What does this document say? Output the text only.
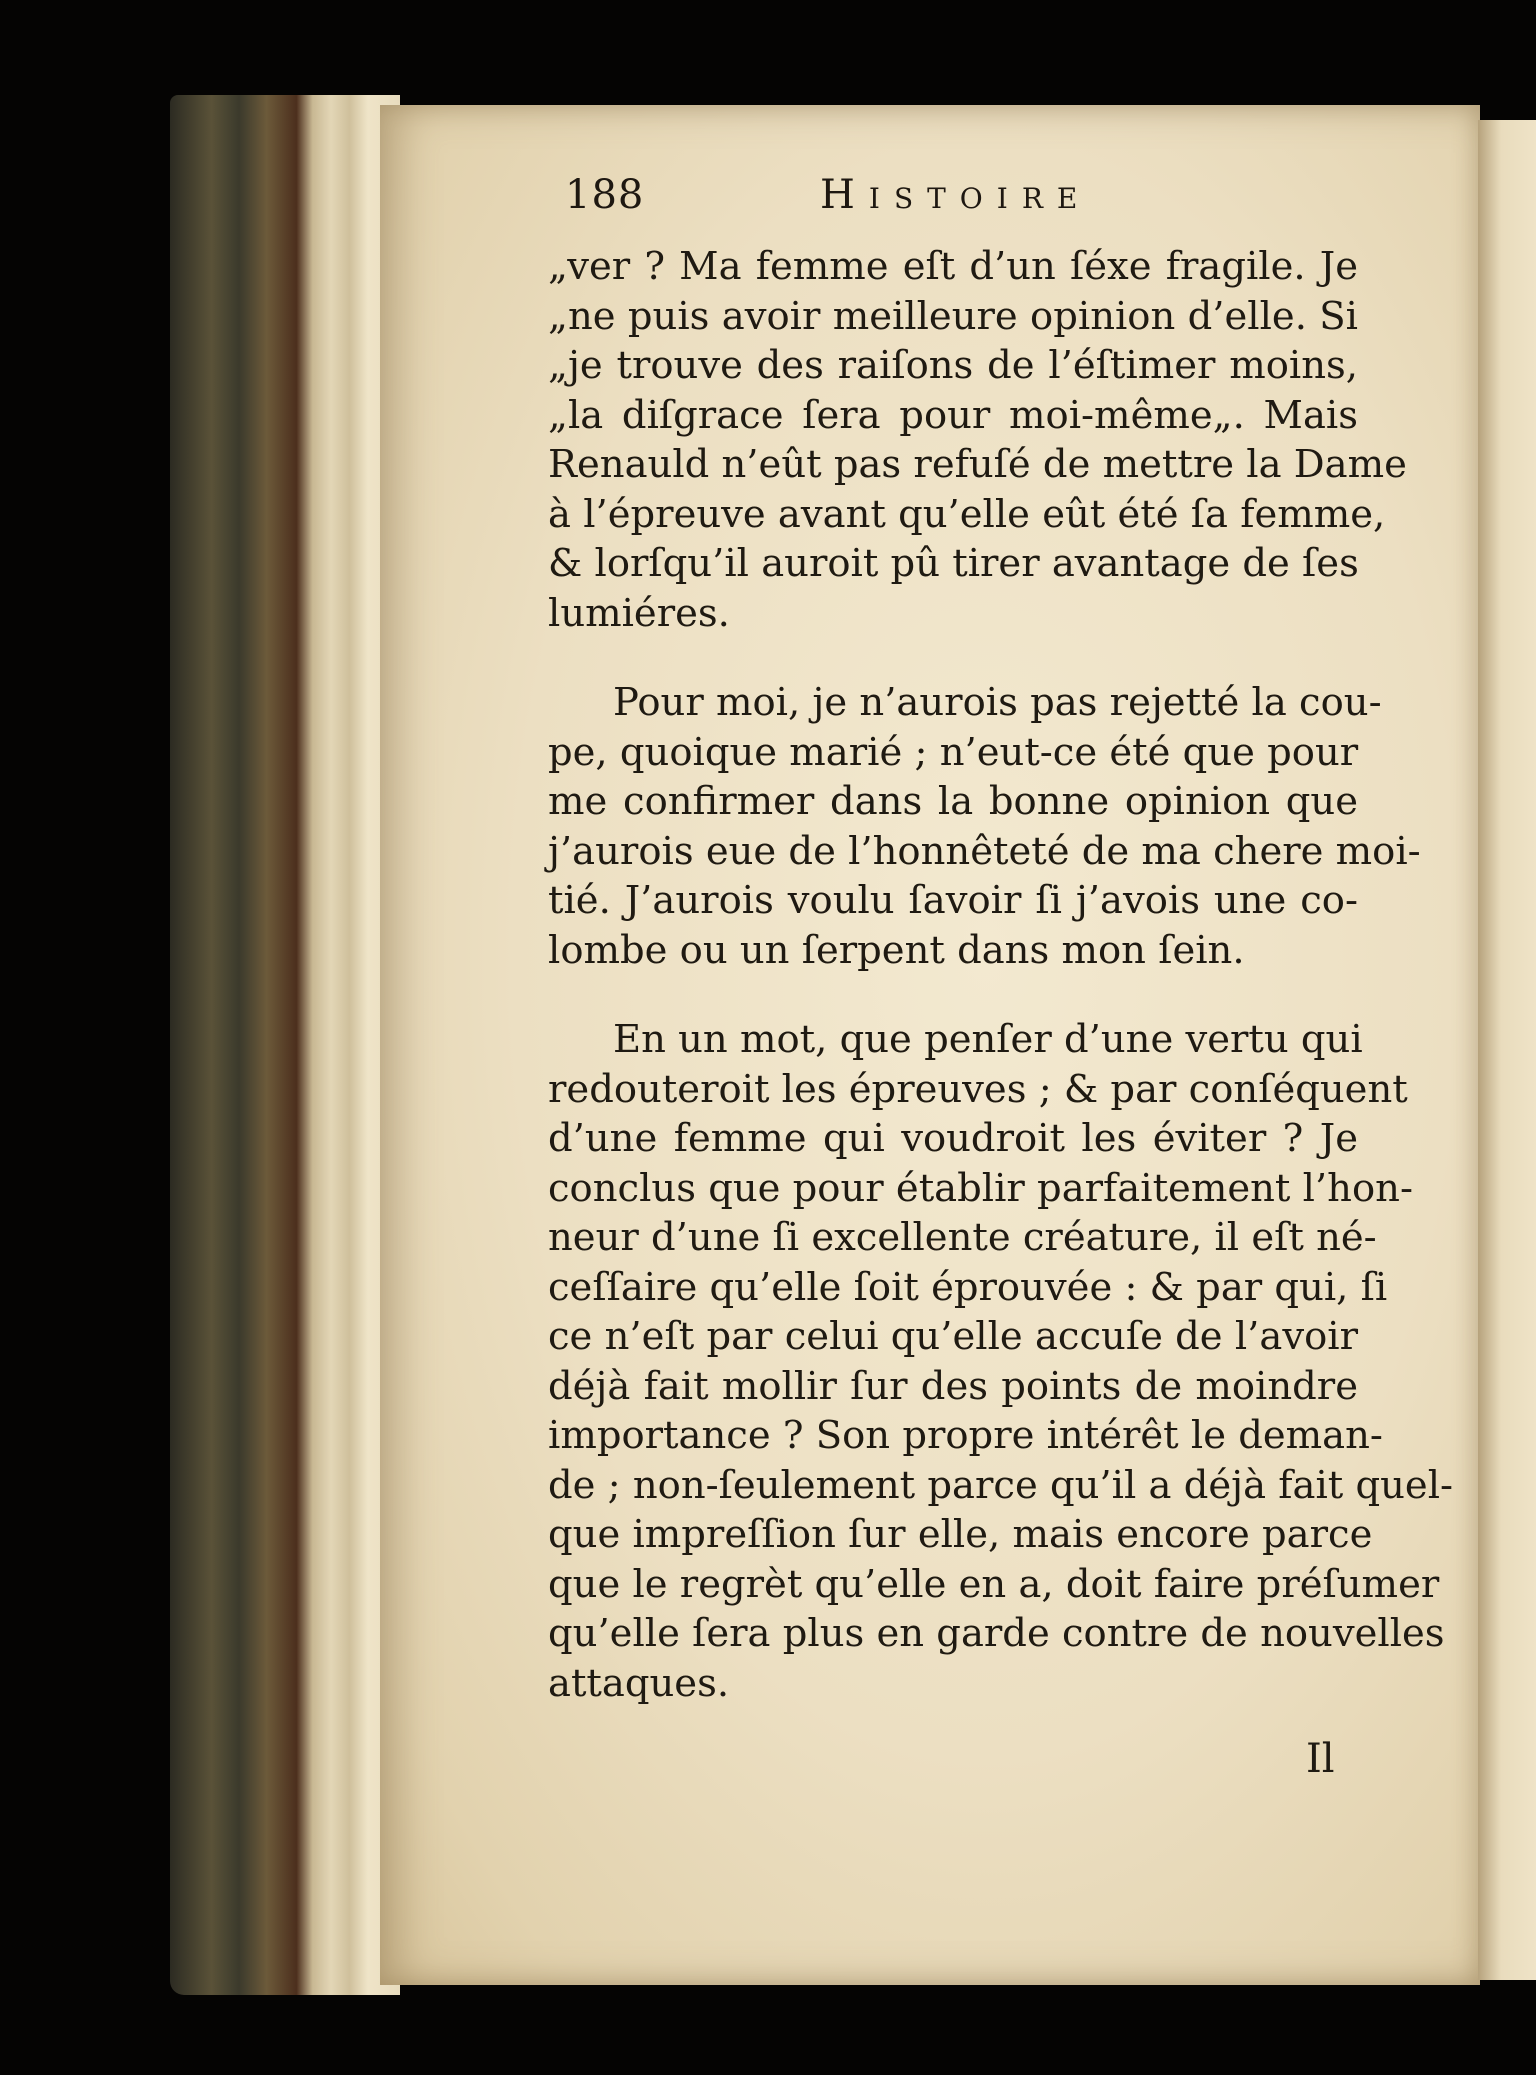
188	Histoire
„ver ? Ma femme eſt d’un ſéxe fragile. Je
„ne puis avoir meilleure opinion d’elle. Si
„je trouve des raiſons de l’éſtimer moins,
„la diſgrace ſera pour moi-même„. Mais
Renauld n’eût pas refuſé de mettre la Dame
à l’épreuve avant qu’elle eût été ſa femme,
& lorſqu’il auroit pû tirer avantage de ſes
lumiéres.
Pour moi, je n’aurois pas rejetté la cou-
pe, quoique marié ; n’eut-ce été que pour
me confirmer dans la bonne opinion que
j’aurois eue de l’honnêteté de ma chere moi-
tié. J’aurois voulu ſavoir ſi j’avois une co-
lombe ou un ſerpent dans mon ſein.
En un mot, que penſer d’une vertu qui
redouteroit les épreuves ; & par conſéquent
d’une femme qui voudroit les éviter ? Je
conclus que pour établir parfaitement l’hon-
neur d’une ſi excellente créature, il eſt né-
ceſſaire qu’elle ſoit éprouvée : & par qui, ſi
ce n’eſt par celui qu’elle accuſe de l’avoir
déjà fait mollir ſur des points de moindre
importance ? Son propre intérêt le deman-
de ; non-ſeulement parce qu’il a déjà fait quel-
que impreſſion ſur elle, mais encore parce
que le regrèt qu’elle en a, doit faire préſumer
qu’elle ſera plus en garde contre de nouvelles
attaques.
Il
